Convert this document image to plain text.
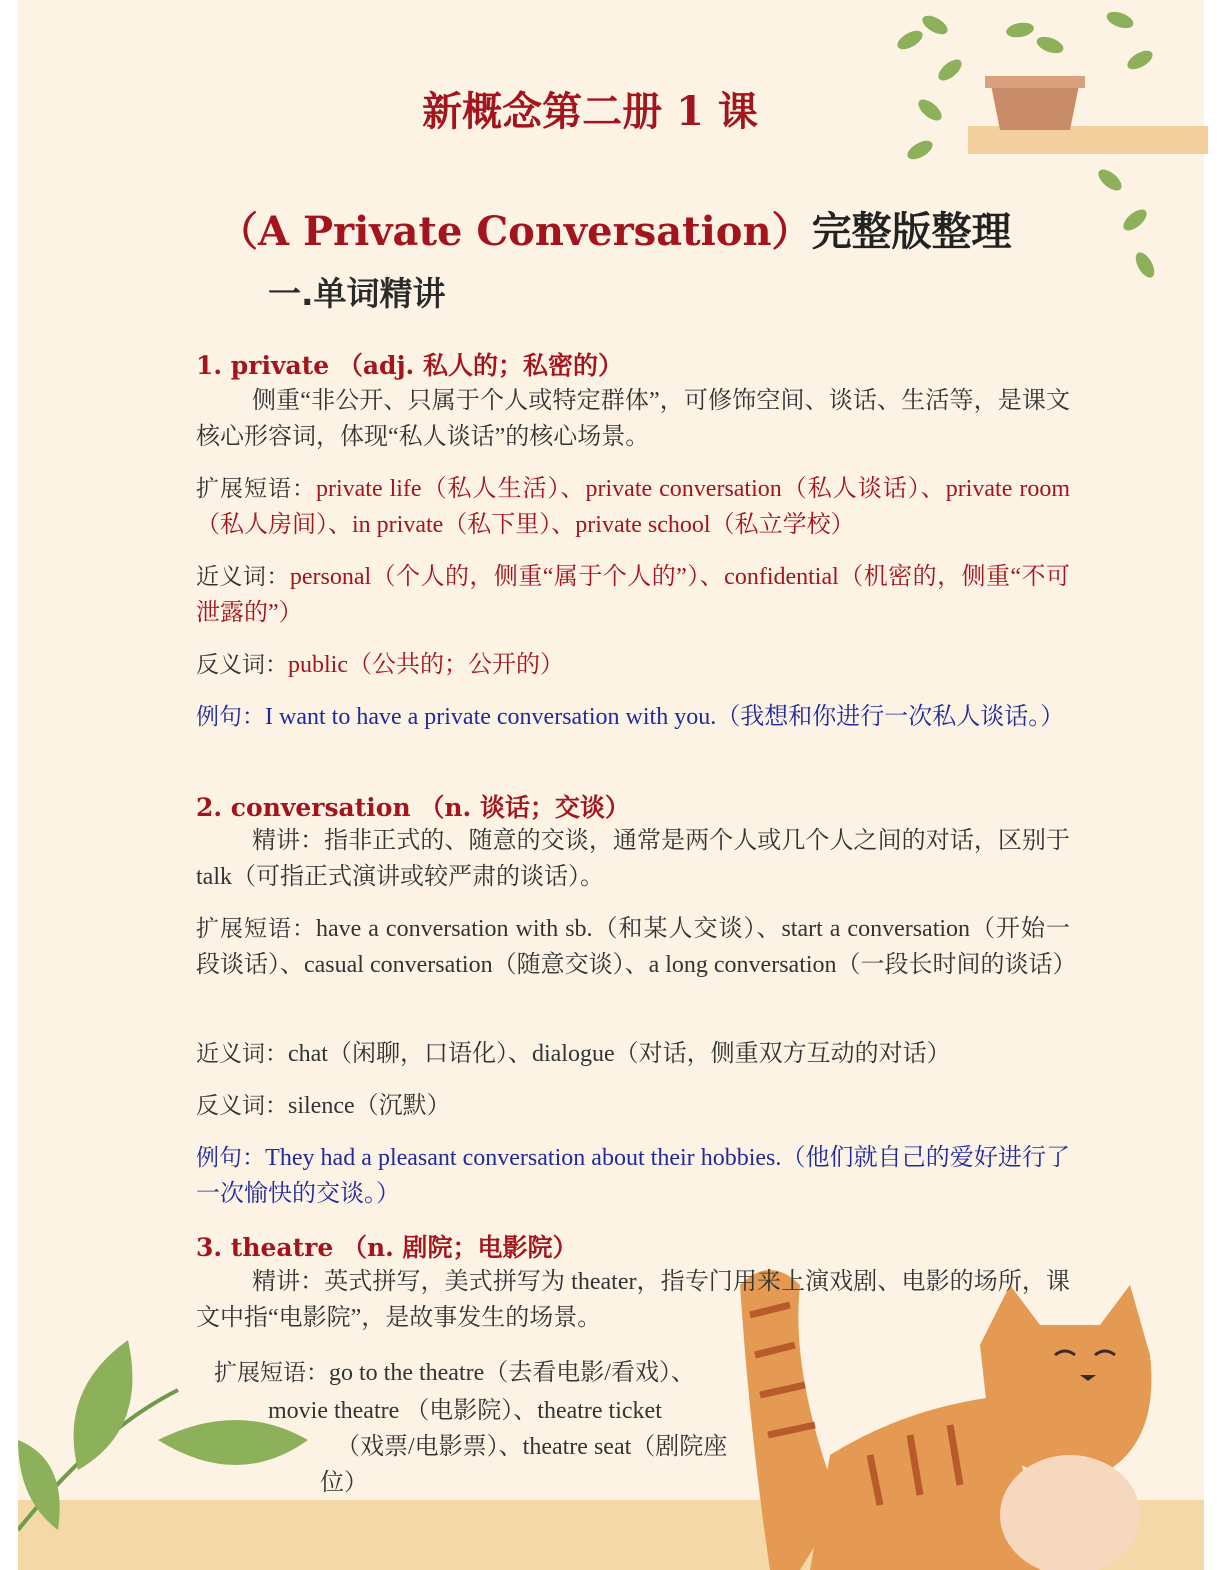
新概念第二册 1 课
（A Private Conversation）完整版整理
一.单词精讲
1. private （adj. 私人的；私密的）
侧重“非公开、只属于个人或特定群体”，可修饰空间、谈话、生活等，是课文核心形容词，体现“私人谈话”的核心场景。
扩展短语：private life（私人生活）、private conversation（私人谈话）、private room（私人房间）、in private（私下里）、private school（私立学校）
近义词：personal（个人的，侧重“属于个人的”）、confidential（机密的，侧重“不可泄露的”）
反义词：public（公共的；公开的）
例句：I want to have a private conversation with you.（我想和你进行一次私人谈话。）
2. conversation （n. 谈话；交谈）
精讲：指非正式的、随意的交谈，通常是两个人或几个人之间的对话，区别于 talk（可指正式演讲或较严肃的谈话）。
扩展短语：have a conversation with sb.（和某人交谈）、start a conversation（开始一段谈话）、casual conversation（随意交谈）、a long conversation（一段长时间的谈话）
近义词：chat（闲聊，口语化）、dialogue（对话，侧重双方互动的对话）
反义词：silence（沉默）
例句：They had a pleasant conversation about their hobbies.（他们就自己的爱好进行了一次愉快的交谈。）
3. theatre （n. 剧院；电影院）
精讲：英式拼写，美式拼写为 theater，指专门用来上演戏剧、电影的场所，课文中指“电影院”，是故事发生的场景。
扩展短语：go to the theatre（去看电影/看戏）、
movie theatre （电影院）、theatre ticket
（戏票/电影票）、theatre seat（剧院座
位）
